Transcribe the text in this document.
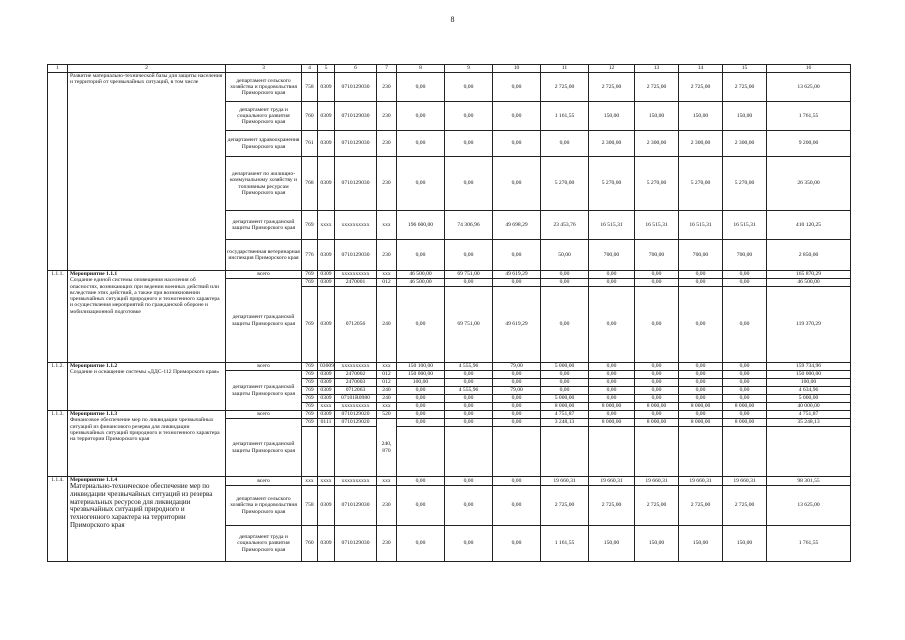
8
1	2	3	4	5	6	7	8	9	10	11	12	13	14	15	16
	Развитие материально-технической базы для защиты населения и территорий от чрезвычайных ситуаций, в том числе	департамент сельского хозяйства и продовольствия Приморского края	758	0309	0710129030	230	0,00	0,00	0,00	2 725,00	2 725,00	2 725,00	2 725,00	2 725,00	13 625,00
		департамент труда и социального развития Приморского края	760	0309	0710129030	230	0,00	0,00	0,00	1 161,55	150,00	150,00	150,00	150,00	1 761,55
		департамент здравоохранения Приморского края	761	0309	0710129030	230	0,00	0,00	0,00	0,00	2 300,00	2 300,00	2 300,00	2 300,00	9 200,00
		департамент по жилищно-коммунальному хозяйству и топливным ресурсам Приморского края	768	0309	0710129030	230	0,00	0,00	0,00	5 270,00	5 270,00	5 270,00	5 270,00	5 270,00	26 350,00
		департамент гражданской защиты Приморского края	769	хххх	хххххххххх	ххх	196 600,00	74 306,96	49 698,29	23 453,76	16 515,31	16 515,31	16 515,31	16 515,31	410 120,25
		государственная ветеринарная инспекция Приморского края	776	0309	0710129030	230	0,00	0,00	0,00	50,00	700,00	700,00	700,00	700,00	2 850,00
1.1.1.	Мероприятие 1.1.1
Создание единой системы оповещения населения об опасностях, возникающих при ведении военных действий или вследствие этих действий, а также при возникновении чрезвычайных ситуаций природного и техногенного характера и осуществления мероприятий по гражданской обороне и мобилизационной подготовке	всего	769	0309	хххххххххх	ххх	46 500,00	69 751,00	49 619,29	0,00	0,00	0,00	0,00	0,00	165 870,29
		департамент гражданской защиты Приморского края	769	0309	2470001	012	46 500,00	0,00	0,00	0,00	0,00	0,00	0,00	0,00	46 500,00
			769	0309	0712056	240	0,00	69 751,00	49 619,29	0,00	0,00	0,00	0,00	0,00	119 370,29
1.1.2.	Мероприятие 1.1.2
Создание и оснащение системы «ДДС-112 Приморского края»	всего	769	03009	хххххххххх	ххх	150 100,00	4 555,96	79,00	5 000,00	0,00	0,00	0,00	0,00	159 734,96
		департамент гражданской защиты Приморского края	769	0309	2470002	012	150 000,00	0,00	0,00	0,00	0,00	0,00	0,00	0,00	150 000,00
			769	0309	2470003	012	100,00	0,00	0,00	0,00	0,00	0,00	0,00	0,00	100,00
			769	0309	0712063	240	0,00	4 555,96	79,00	0,00	0,00	0,00	0,00	0,00	4 634,96
			769	0309	07101R0980	240	0,00	0,00	0,00	5 000,00	0,00	0,00	0,00	0,00	5 000,00
			769	хххх	хххххххххх	ххх	0,00	0,00	0,00	8 000,00	8 000,00	8 000,00	8 000,00	8 000,00	40 000,00
1.1.3.	Мероприятие 1.1.3
Финансовое обеспечение мер по ликвидации чрезвычайных ситуаций из финансового резерва для ликвидации чрезвычайных ситуаций природного и техногенного характера на территории Приморского края	всего	769	0309	0710129020	520	0,00	0,00	0,00	4 751,87	0,00	0,00	0,00	0,00	4 751,87
		департамент гражданской защиты Приморского края	769	0111	0710129020	240, 870	0,00	0,00	0,00	3 248,13	8 000,00	8 000,00	8 000,00	8 000,00	35 248,13

1.1.4.	Мероприятие 1.1.4
Материально-техническое обеспечение мер по ликвидации чрезвычайных ситуаций из резерва материальных ресурсов для ликвидации чрезвычайных ситуаций природного и техногенного характера на территории Приморского края	всего	ххх	хххх	хххххххххх	ххх	0,00	0,00	0,00	19 660,31	19 660,31	19 660,31	19 660,31	19 660,31	98 301,55
		департамент сельского хозяйства и продовольствия Приморского края	758	0309	0710129030	230	0,00	0,00	0,00	2 725,00	2 725,00	2 725,00	2 725,00	2 725,00	13 625,00
		департамент труда и социального развития Приморского края	760	0309	0710129030	230	0,00	0,00	0,00	1 161,55	150,00	150,00	150,00	150,00	1 761,55
